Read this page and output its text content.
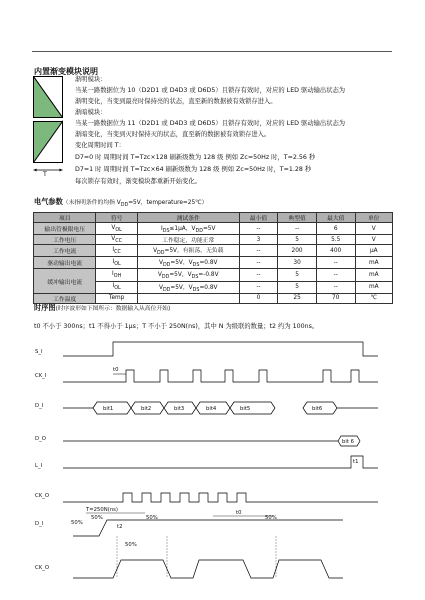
内置渐变模块说明
T
渐明模块：
当某一路数据位为 10（D2D1 或 D4D3 或 D6D5）且锁存有效时，对应的 LED 驱动输出状态为
渐明变化，当变到最亮时保持亮的状态，直至新的数据被有效锁存进入。
渐暗模块：
当某一路数据位为 11（D2D1 或 D4D3 或 D6D5）且锁存有效时，对应的 LED 驱动输出状态为
渐暗变化，当变到灭时保持灭的状态，直至新的数据被有效锁存进入。
变化周期时间 T：
D7=0 时 周期时间 T=Tzc×128 刷新级数为 128 级 例如 Zc=50Hz 时，T=2.56 秒
D7=1 时 周期时间 T=Tzc×64 刷新级数为 128 级 例如 Zc=50Hz 时，T=1.28 秒
每次锁存有效时，渐变模块都重新开始变化。
电气参数（未指明条件的均指 $V_{DD}=5V$，temperature=25℃）
项目	符号	测试条件	最小值	典型值	最大值	单位
输出管极限电压	$V_{OL}$	$I_{DS}\le 1\mu A$，$V_{DD}=5V$	--	--	6	V
工作电压	$V_{CC}$	工作稳定，功能正常	3	5	5.5	V
工作电流	$I_{CC}$	$V_{DD}=5V$，有振荡，无负载	--	200	400	μA
驱动输出电流	$I_{OL}$	$V_{DD}=5V$，$V_{DS}=0.8V$	--	30	--	mA
缓冲输出电流	$I_{OH}$	$V_{DD}=5V$，$V_{DS}=-0.8V$	--	5	--	mA
	$I_{OL}$	$V_{DD}=5V$，$V_{DS}=0.8V$	--	5	--	mA
工作温度	Temp		0	25	70	℃
时序图(时序波形如下图所示：数据输入从高位开始)
t0 不小于 300ns；t1 不得小于 1μs；T 不小于 250N(ns)，其中 N 为级联的数量；t2 约为 100ns。
S_I
CK_I
D_I
D_O
L_I
CK_O
D_I
CK_O
t0
bit1	bit2	bit3	bit4	bit5	bit6
bit 6
t1
T=250N(ns)
50%
t0
50%	50%	50%
t2
50%
